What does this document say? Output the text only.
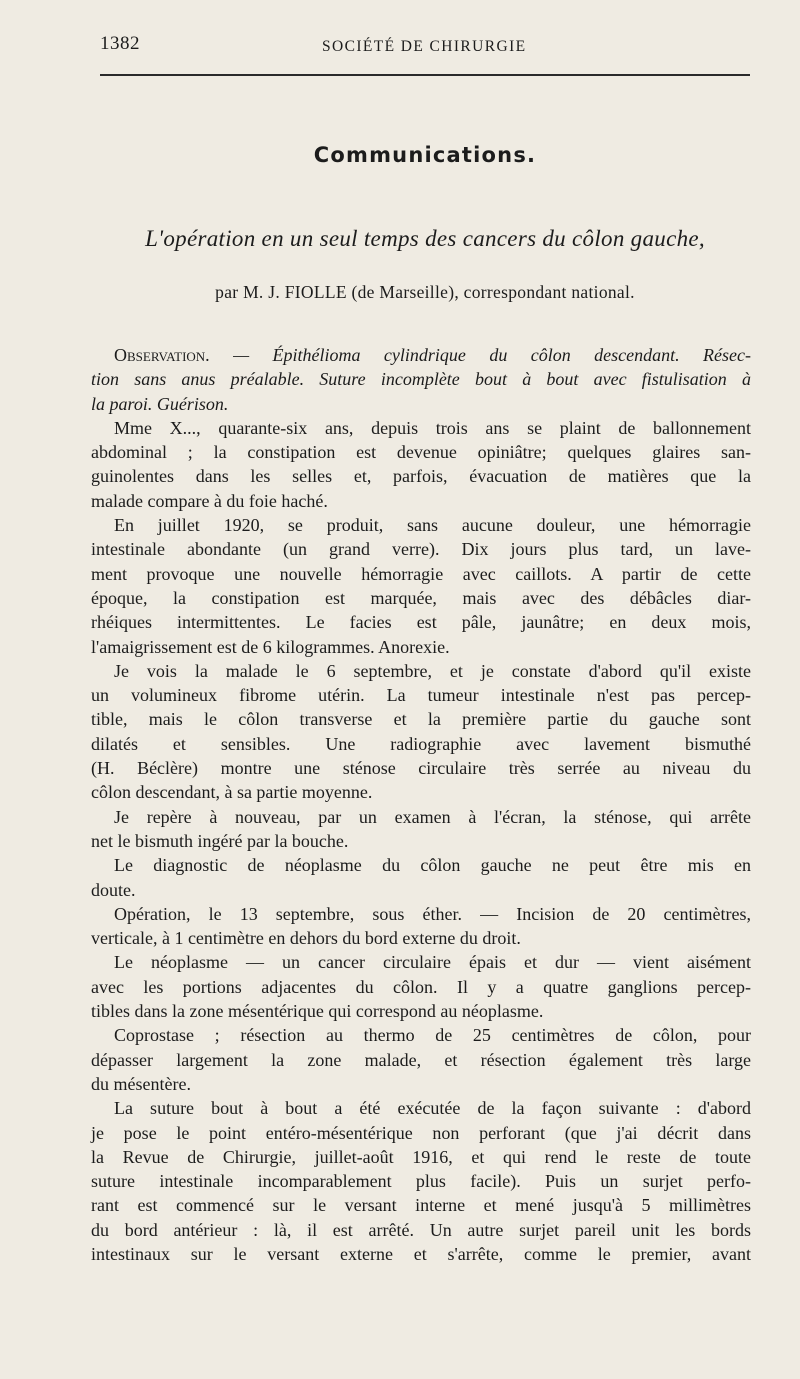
1382	SOCIÉTÉ DE CHIRURGIE
Communications.
L'opération en un seul temps des cancers du côlon gauche,
par M. J. FIOLLE (de Marseille), correspondant national.
Observation. — Épithélioma cylindrique du côlon descendant. Résec-
tion sans anus préalable. Suture incomplète bout à bout avec fistulisation à
la paroi. Guérison.
Mme X..., quarante-six ans, depuis trois ans se plaint de ballonnement
abdominal ; la constipation est devenue opiniâtre; quelques glaires san-
guinolentes dans les selles et, parfois, évacuation de matières que la
malade compare à du foie haché.
En juillet 1920, se produit, sans aucune douleur, une hémorragie
intestinale abondante (un grand verre). Dix jours plus tard, un lave-
ment provoque une nouvelle hémorragie avec caillots. A partir de cette
époque, la constipation est marquée, mais avec des débâcles diar-
rhéiques intermittentes. Le facies est pâle, jaunâtre; en deux mois,
l'amaigrissement est de 6 kilogrammes. Anorexie.
Je vois la malade le 6 septembre, et je constate d'abord qu'il existe
un volumineux fibrome utérin. La tumeur intestinale n'est pas percep-
tible, mais le côlon transverse et la première partie du gauche sont
dilatés et sensibles. Une radiographie avec lavement bismuthé
(H. Béclère) montre une sténose circulaire très serrée au niveau du
côlon descendant, à sa partie moyenne.
Je repère à nouveau, par un examen à l'écran, la sténose, qui arrête
net le bismuth ingéré par la bouche.
Le diagnostic de néoplasme du côlon gauche ne peut être mis en
doute.
Opération, le 13 septembre, sous éther. — Incision de 20 centimètres,
verticale, à 1 centimètre en dehors du bord externe du droit.
Le néoplasme — un cancer circulaire épais et dur — vient aisément
avec les portions adjacentes du côlon. Il y a quatre ganglions percep-
tibles dans la zone mésentérique qui correspond au néoplasme.
Coprostase ; résection au thermo de 25 centimètres de côlon, pour
dépasser largement la zone malade, et résection également très large
du mésentère.
La suture bout à bout a été exécutée de la façon suivante : d'abord
je pose le point entéro-mésentérique non perforant (que j'ai décrit dans
la Revue de Chirurgie, juillet-août 1916, et qui rend le reste de toute
suture intestinale incomparablement plus facile). Puis un surjet perfo-
rant est commencé sur le versant interne et mené jusqu'à 5 millimètres
du bord antérieur : là, il est arrêté. Un autre surjet pareil unit les bords
intestinaux sur le versant externe et s'arrête, comme le premier, avant
